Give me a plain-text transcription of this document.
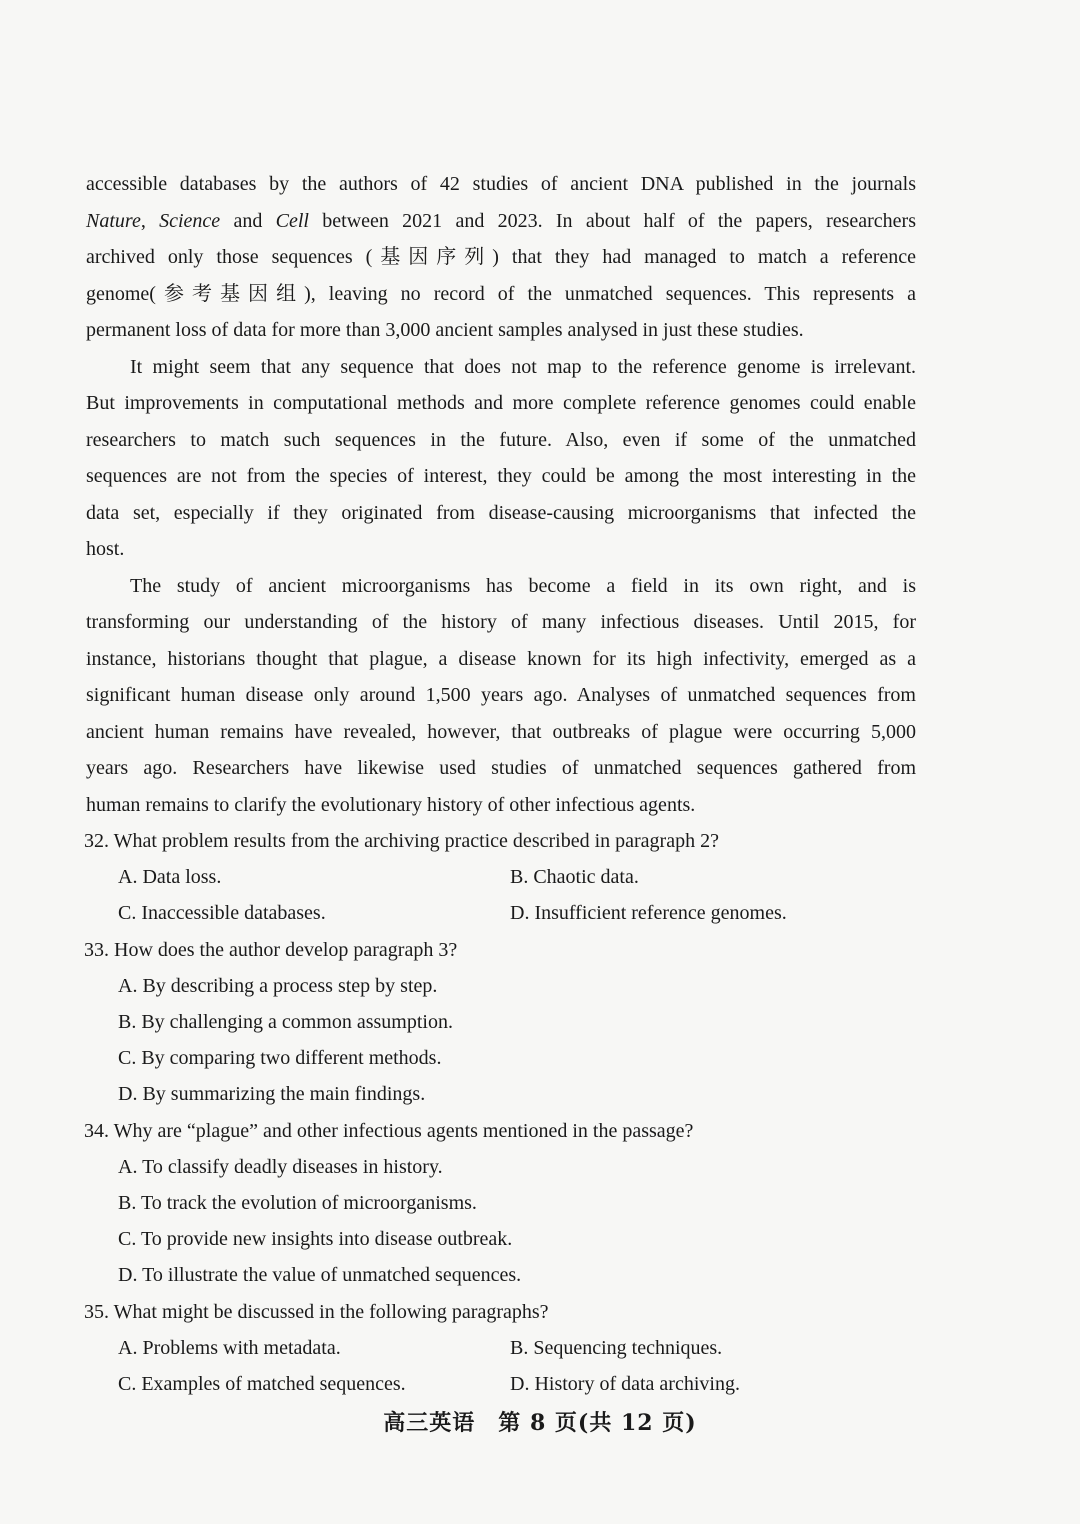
accessible databases by the authors of 42 studies of ancient DNA published in the journals
Nature, Science and Cell between 2021 and 2023. In about half of the papers, researchers
archived only those sequences (基因序列) that they had managed to match a reference
genome(参考基因组), leaving no record of the unmatched sequences. This represents a
permanent loss of data for more than 3,000 ancient samples analysed in just these studies.

It might seem that any sequence that does not map to the reference genome is irrelevant.
But improvements in computational methods and more complete reference genomes could enable
researchers to match such sequences in the future. Also, even if some of the unmatched
sequences are not from the species of interest, they could be among the most interesting in the
data set, especially if they originated from disease-causing microorganisms that infected the
host.

The study of ancient microorganisms has become a field in its own right, and is
transforming our understanding of the history of many infectious diseases. Until 2015, for
instance, historians thought that plague, a disease known for its high infectivity, emerged as a
significant human disease only around 1,500 years ago. Analyses of unmatched sequences from
ancient human remains have revealed, however, that outbreaks of plague were occurring 5,000
years ago. Researchers have likewise used studies of unmatched sequences gathered from
human remains to clarify the evolutionary history of other infectious agents.

32. What problem results from the archiving practice described in paragraph 2?
A. Data loss.	B. Chaotic data.
C. Inaccessible databases.	D. Insufficient reference genomes.
33. How does the author develop paragraph 3?
A. By describing a process step by step.
B. By challenging a common assumption.
C. By comparing two different methods.
D. By summarizing the main findings.
34. Why are “plague” and other infectious agents mentioned in the passage?
A. To classify deadly diseases in history.
B. To track the evolution of microorganisms.
C. To provide new insights into disease outbreak.
D. To illustrate the value of unmatched sequences.
35. What might be discussed in the following paragraphs?
A. Problems with metadata.	B. Sequencing techniques.
C. Examples of matched sequences.	D. History of data archiving.
高三英语　第 8 页(共 12 页)
